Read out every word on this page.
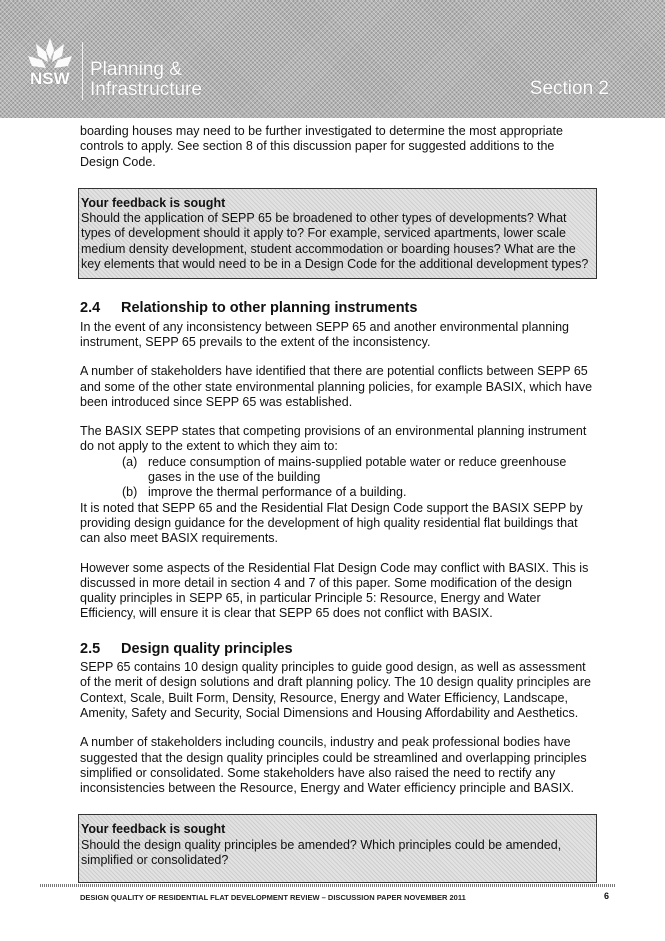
NSW Planning &
Infrastructure	Section 2

boarding houses may need to be further investigated to determine the most appropriate controls to apply. See section 8 of this discussion paper for suggested additions to the Design Code.

Your feedback is sought
Should the application of SEPP 65 be broadened to other types of developments? What types of development should it apply to? For example, serviced apartments, lower scale medium density development, student accommodation or boarding houses? What are the key elements that would need to be in a Design Code for the additional development types?
2.4 Relationship to other planning instruments

In the event of any inconsistency between SEPP 65 and another environmental planning instrument, SEPP 65 prevails to the extent of the inconsistency.

A number of stakeholders have identified that there are potential conflicts between SEPP 65 and some of the other state environmental planning policies, for example BASIX, which have been introduced since SEPP 65 was established.

The BASIX SEPP states that competing provisions of an environmental planning instrument do not apply to the extent to which they aim to:

(a) reduce consumption of mains-supplied potable water or reduce greenhouse gases in the use of the building
(b) improve the thermal performance of a building.

It is noted that SEPP 65 and the Residential Flat Design Code support the BASIX SEPP by providing design guidance for the development of high quality residential flat buildings that can also meet BASIX requirements.

However some aspects of the Residential Flat Design Code may conflict with BASIX. This is discussed in more detail in section 4 and 7 of this paper. Some modification of the design quality principles in SEPP 65, in particular Principle 5: Resource, Energy and Water Efficiency, will ensure it is clear that SEPP 65 does not conflict with BASIX.

2.5 Design quality principles

SEPP 65 contains 10 design quality principles to guide good design, as well as assessment of the merit of design solutions and draft planning policy. The 10 design quality principles are Context, Scale, Built Form, Density, Resource, Energy and Water Efficiency, Landscape, Amenity, Safety and Security, Social Dimensions and Housing Affordability and Aesthetics.

A number of stakeholders including councils, industry and peak professional bodies have suggested that the design quality principles could be streamlined and overlapping principles simplified or consolidated. Some stakeholders have also raised the need to rectify any inconsistencies between the Resource, Energy and Water efficiency principle and BASIX.

Your feedback is sought
Should the design quality principles be amended? Which principles could be amended, simplified or consolidated?
DESIGN QUALITY OF RESIDENTIAL FLAT DEVELOPMENT REVIEW – DISCUSSION PAPER NOVEMBER 2011	6
